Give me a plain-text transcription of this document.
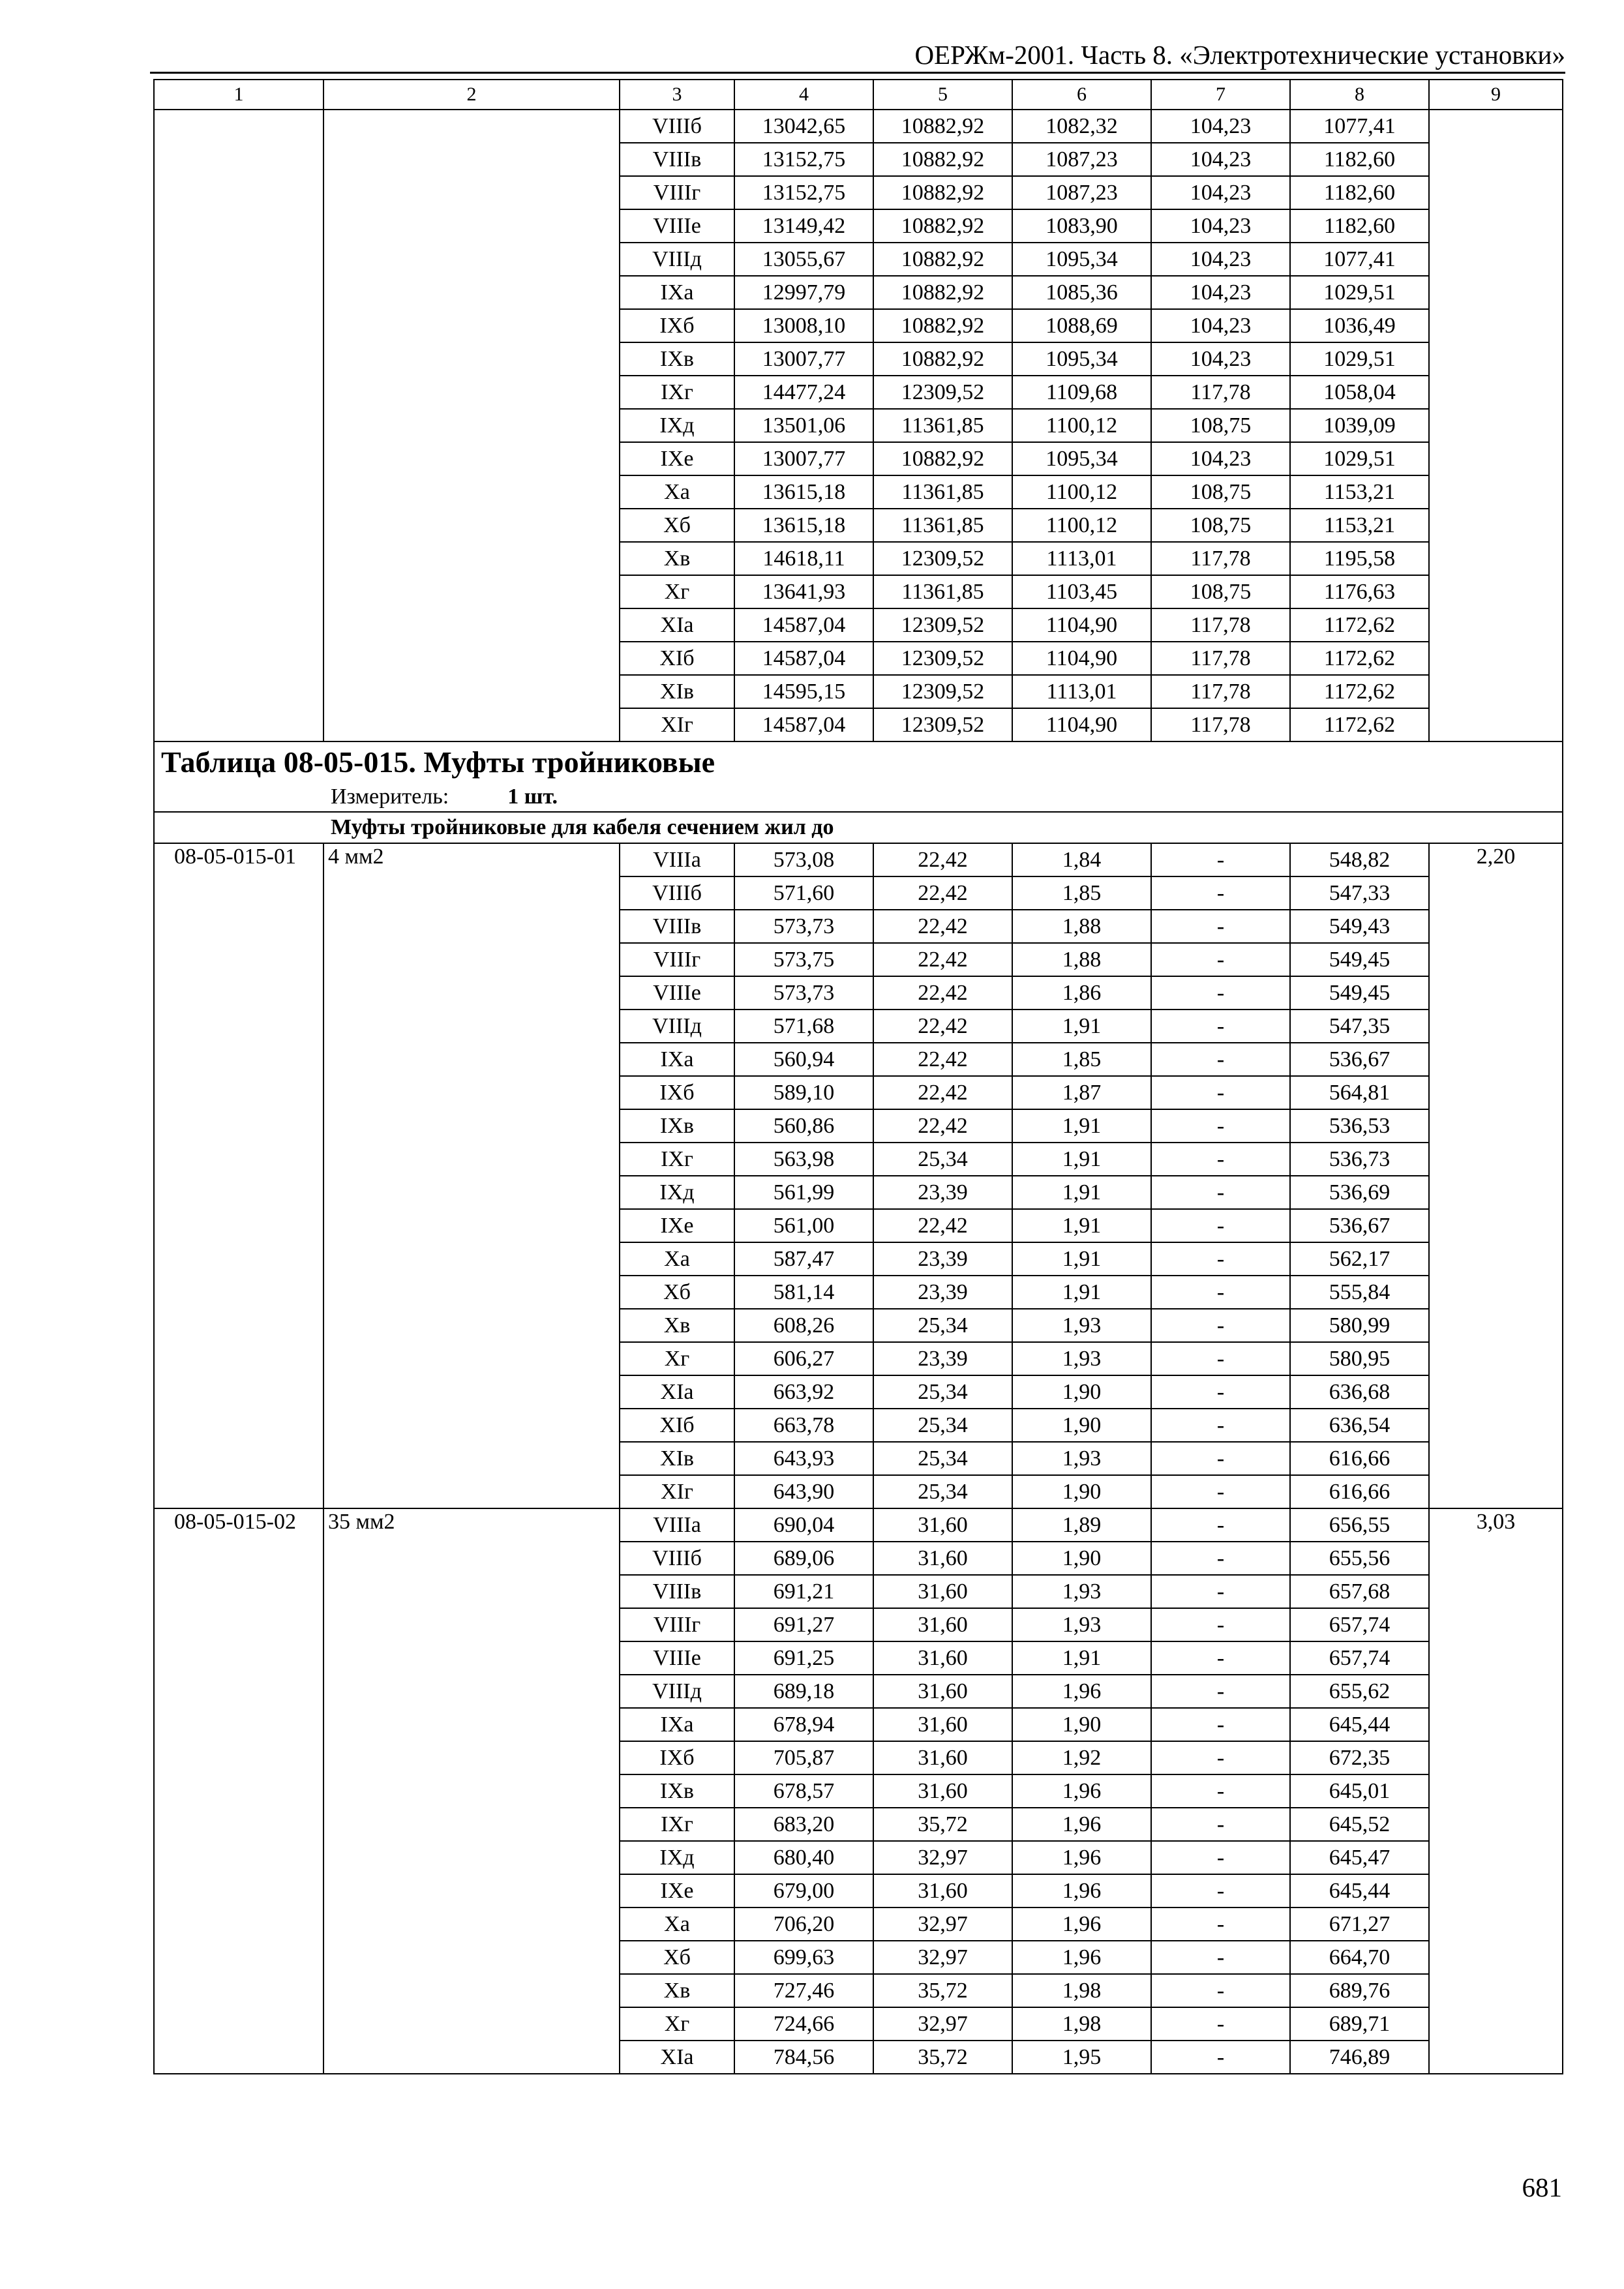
ОЕРЖм-2001. Часть 8. «Электротехнические установки»
1	2	3	4	5	6	7	8	9
		VIIIб	13042,65	10882,92	1082,32	104,23	1077,41	
		VIIIв	13152,75	10882,92	1087,23	104,23	1182,60	
		VIIIг	13152,75	10882,92	1087,23	104,23	1182,60	
		VIIIе	13149,42	10882,92	1083,90	104,23	1182,60	
		VIIIд	13055,67	10882,92	1095,34	104,23	1077,41	
		IXа	12997,79	10882,92	1085,36	104,23	1029,51	
		IXб	13008,10	10882,92	1088,69	104,23	1036,49	
		IXв	13007,77	10882,92	1095,34	104,23	1029,51	
		IXг	14477,24	12309,52	1109,68	117,78	1058,04	
		IXд	13501,06	11361,85	1100,12	108,75	1039,09	
		IXе	13007,77	10882,92	1095,34	104,23	1029,51	
		Xа	13615,18	11361,85	1100,12	108,75	1153,21	
		Xб	13615,18	11361,85	1100,12	108,75	1153,21	
		Xв	14618,11	12309,52	1113,01	117,78	1195,58	
		Xг	13641,93	11361,85	1103,45	108,75	1176,63	
		XIа	14587,04	12309,52	1104,90	117,78	1172,62	
		XIб	14587,04	12309,52	1104,90	117,78	1172,62	
		XIв	14595,15	12309,52	1113,01	117,78	1172,62	
		XIг	14587,04	12309,52	1104,90	117,78	1172,62	

Таблица 08-05-015. Муфты тройниковые
Измеритель: 1 шт.								

Муфты тройниковые для кабеля сечением жил до								
08-05-015-01	4 мм2	VIIIа	573,08	22,42	1,84	-	548,82	2,20
		VIIIб	571,60	22,42	1,85	-	547,33	
		VIIIв	573,73	22,42	1,88	-	549,43	
		VIIIг	573,75	22,42	1,88	-	549,45	
		VIIIе	573,73	22,42	1,86	-	549,45	
		VIIIд	571,68	22,42	1,91	-	547,35	
		IXа	560,94	22,42	1,85	-	536,67	
		IXб	589,10	22,42	1,87	-	564,81	
		IXв	560,86	22,42	1,91	-	536,53	
		IXг	563,98	25,34	1,91	-	536,73	
		IXд	561,99	23,39	1,91	-	536,69	
		IXе	561,00	22,42	1,91	-	536,67	
		Xа	587,47	23,39	1,91	-	562,17	
		Xб	581,14	23,39	1,91	-	555,84	
		Xв	608,26	25,34	1,93	-	580,99	
		Xг	606,27	23,39	1,93	-	580,95	
		XIа	663,92	25,34	1,90	-	636,68	
		XIб	663,78	25,34	1,90	-	636,54	
		XIв	643,93	25,34	1,93	-	616,66	
		XIг	643,90	25,34	1,90	-	616,66	
08-05-015-02	35 мм2	VIIIа	690,04	31,60	1,89	-	656,55	3,03
		VIIIб	689,06	31,60	1,90	-	655,56	
		VIIIв	691,21	31,60	1,93	-	657,68	
		VIIIг	691,27	31,60	1,93	-	657,74	
		VIIIе	691,25	31,60	1,91	-	657,74	
		VIIIд	689,18	31,60	1,96	-	655,62	
		IXа	678,94	31,60	1,90	-	645,44	
		IXб	705,87	31,60	1,92	-	672,35	
		IXв	678,57	31,60	1,96	-	645,01	
		IXг	683,20	35,72	1,96	-	645,52	
		IXд	680,40	32,97	1,96	-	645,47	
		IXе	679,00	31,60	1,96	-	645,44	
		Xа	706,20	32,97	1,96	-	671,27	
		Xб	699,63	32,97	1,96	-	664,70	
		Xв	727,46	35,72	1,98	-	689,76	
		Xг	724,66	32,97	1,98	-	689,71	
		XIа	784,56	35,72	1,95	-	746,89	
681
